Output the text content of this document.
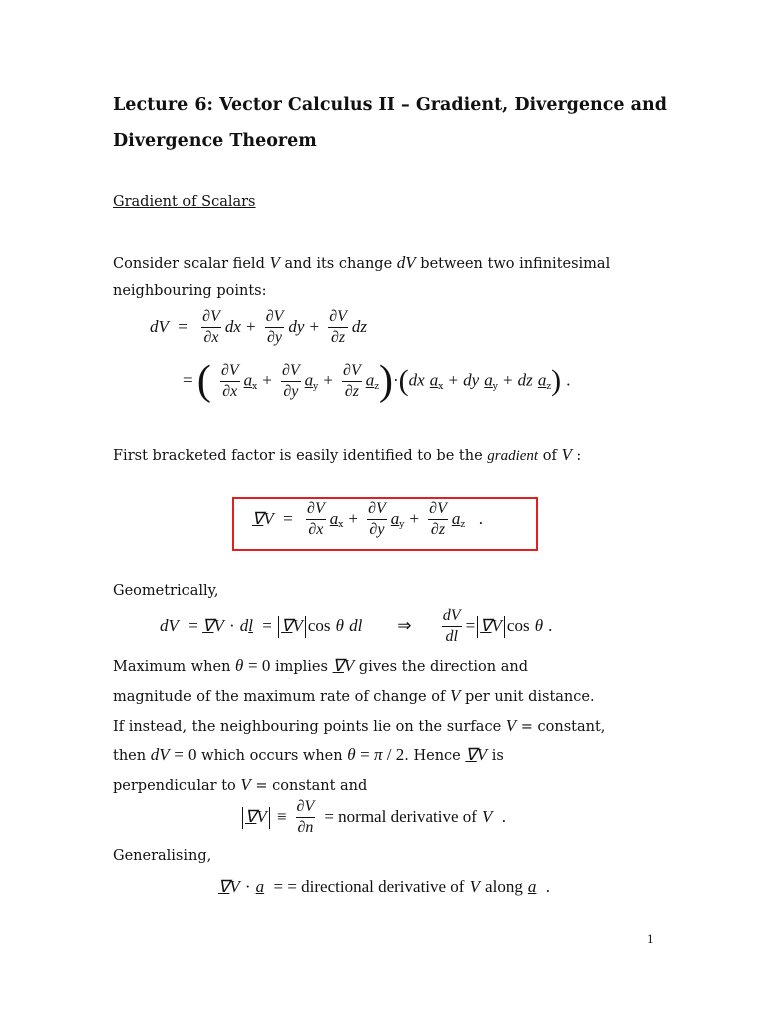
Lecture 6: Vector Calculus II – Gradient, Divergence and
Divergence Theorem
Gradient of Scalars
Consider scalar field V and its change dV between two infinitesimal
neighbouring points:
dV  = $\frac{\partial V}{\partial x}$ dx + $\frac{\partial V}{\partial y}$ dy + $\frac{\partial V}{\partial z}$ dz
= ( $\frac{\partial V}{\partial x}$ ax + $\frac{\partial V}{\partial y}$ ay + $\frac{\partial V}{\partial z} az)\cdot(dx$ ax + dy ay + dz az) .
First bracketed factor is easily identified to be the gradient of V :
$\nabla V = \frac{\partial V}{\partial x}$ ax + $\frac{\partial V}{\partial y}$ ay + $\frac{\partial V}{\partial z}$ az   .
Geometrically,
dV  = ∇V · dl  = ∇V cos θ dl        ⇒ $\frac{dV}{dl} = \nabla V$ cos θ .
Maximum when θ = 0 implies ∇V gives the direction and
magnitude of the maximum rate of change of V per unit distance.
If instead, the neighbouring points lie on the surface V = constant,
then dV = 0 which occurs when θ = π / 2. Hence ∇V is
perpendicular to V = constant and
$\nabla V \equiv \frac{\partial V}{\partial n}$ = normal derivative of V  .
Generalising,
∇V · a  = = directional derivative of V along a  .
1
